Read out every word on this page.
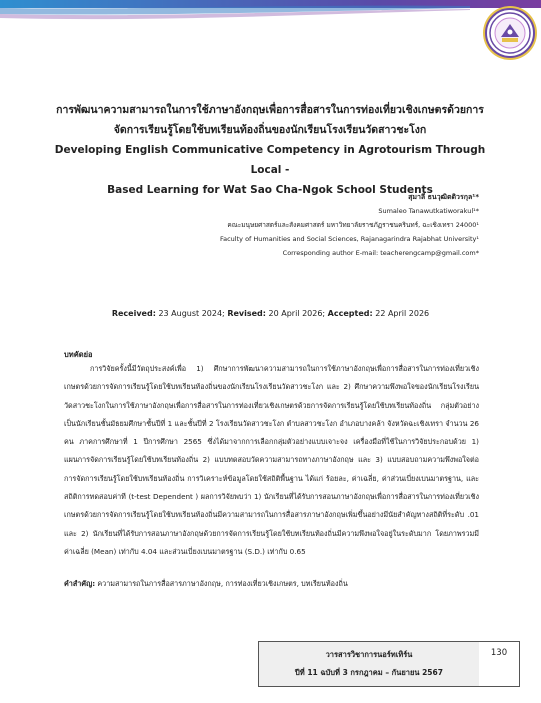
การพัฒนาความสามารถในการใช้ภาษาอังกฤษเพื่อการสื่อสารในการท่องเที่ยวเชิงเกษตรด้วยการ
จัดการเรียนรู้โดยใช้บทเรียนท้องถิ่นของนักเรียนโรงเรียนวัดสาวชะโงก
Developing English Communicative Competency in Agrotourism Through Local -
Based Learning for Wat Sao Cha-Ngok School Students
สุมาลี ธนวุฒิตติวรกุล¹*
Sumaleo Tanawutkatiworakul¹*
คณะมนุษยศาสตร์และสังคมศาสตร์ มหาวิทยาลัยราชภัฏราชนครินทร์, ฉะเชิงเทรา 24000¹
Faculty of Humanities and Social Sciences, Rajanagarindra Rajabhat University¹
Corresponding author E-mail: teacherengcamp@gmail.com*
Received: 23 August 2024; Revised: 20 April 2026; Accepted: 22 April 2026
บทคัดย่อ
การวิจัยครั้งนี้มีวัตถุประสงค์เพื่อ 1) ศึกษาการพัฒนาความสามารถในการใช้ภาษาอังกฤษเพื่อการสื่อสารในการท่องเที่ยวเชิงเกษตรด้วยการจัดการเรียนรู้โดยใช้บทเรียนท้องถิ่นของนักเรียนโรงเรียนวัดสาวชะโงก และ 2) ศึกษาความพึงพอใจของนักเรียนโรงเรียนวัดสาวชะโงกในการใช้ภาษาอังกฤษเพื่อการสื่อสารในการท่องเที่ยวเชิงเกษตรด้วยการจัดการเรียนรู้โดยใช้บทเรียนท้องถิ่น กลุ่มตัวอย่างเป็นนักเรียนชั้นมัธยมศึกษาชั้นปีที่ 1 และชั้นปีที่ 2 โรงเรียนวัดสาวชะโงก ตำบลสาวชะโงก อำเภอบางคล้า จังหวัดฉะเชิงเทรา จำนวน 26 คน ภาคการศึกษาที่ 1 ปีการศึกษา 2565 ซึ่งได้มาจากการเลือกกลุ่มตัวอย่างแบบเจาะจง เครื่องมือที่ใช้ในการวิจัยประกอบด้วย 1) แผนการจัดการเรียนรู้โดยใช้บทเรียนท้องถิ่น 2) แบบทดสอบวัดความสามารถทางภาษาอังกฤษ และ 3) แบบสอบถามความพึงพอใจต่อการจัดการเรียนรู้โดยใช้บทเรียนท้องถิ่น การวิเคราะห์ข้อมูลโดยใช้สถิติพื้นฐาน ได้แก่ ร้อยละ, ค่าเฉลี่ย, ค่าส่วนเบี่ยงเบนมาตรฐาน, และสถิติการทดสอบค่าที (t-test Dependent ) ผลการวิจัยพบว่า 1) นักเรียนที่ได้รับการสอนภาษาอังกฤษเพื่อการสื่อสารในการท่องเที่ยวเชิงเกษตรด้วยการจัดการเรียนรู้โดยใช้บทเรียนท้องถิ่นมีความสามารถในการสื่อสารภาษาอังกฤษเพิ่มขึ้นอย่างมีนัยสำคัญทางสถิติที่ระดับ .01 และ 2) นักเรียนที่ได้รับการสอนภาษาอังกฤษด้วยการจัดการเรียนรู้โดยใช้บทเรียนท้องถิ่นมีความพึงพอใจอยู่ในระดับมาก โดยภาพรวมมีค่าเฉลี่ย (Mean) เท่ากับ 4.04 และส่วนเบี่ยงเบนมาตรฐาน (S.D.) เท่ากับ 0.65
คำสำคัญ: ความสามารถในการสื่อสารภาษาอังกฤษ, การท่องเที่ยวเชิงเกษตร, บทเรียนท้องถิ่น
วารสารวิชาการนอร์ทเทิร์น
ปีที่ 11 ฉบับที่ 3 กรกฎาคม – กันยายน 2567
130
